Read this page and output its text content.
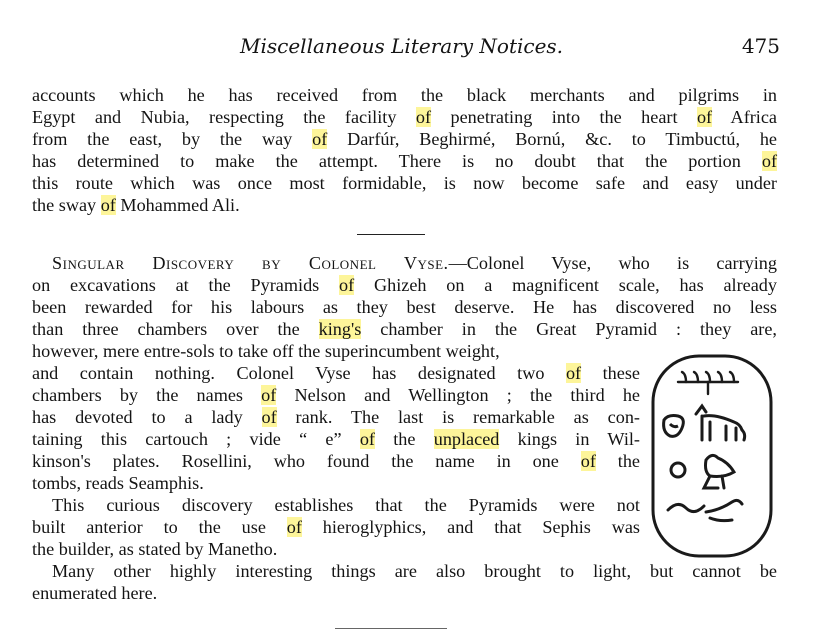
Miscellaneous Literary Notices.	475
accounts which he has received from the black merchants and pilgrims in
Egypt and Nubia, respecting the facility of penetrating into the heart of Africa
from the east, by the way of Darfúr, Beghirmé, Bornú, &c. to Timbuctú, he
has determined to make the attempt. There is no doubt that the portion of
this route which was once most formidable, is now become safe and easy under
the sway of Mohammed Ali.
Singular Discovery by Colonel Vyse.—Colonel Vyse, who is carrying
on excavations at the Pyramids of Ghizeh on a magnificent scale, has already
been rewarded for his labours as they best deserve. He has discovered no less
than three chambers over the king's chamber in the Great Pyramid : they are,
however, mere entre-sols to take off the superincumbent weight,
and contain nothing. Colonel Vyse has designated two of these
chambers by the names of Nelson and Wellington ; the third he
has devoted to a lady of rank. The last is remarkable as con-
taining this cartouch ; vide “ e” of the unplaced kings in Wil-
kinson's plates. Rosellini, who found the name in one of the
tombs, reads Seamphis.
This curious discovery establishes that the Pyramids were not
built anterior to the use of hieroglyphics, and that Sephis was
the builder, as stated by Manetho.
Many other highly interesting things are also brought to light, but cannot be
enumerated here.
